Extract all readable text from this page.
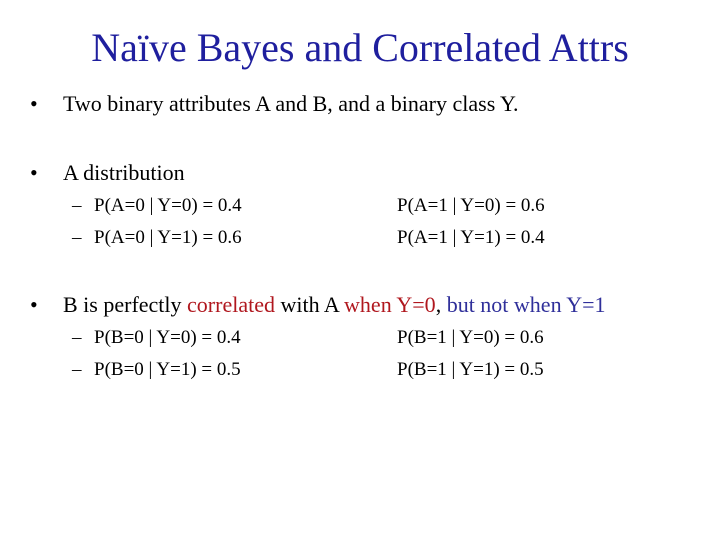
Naïve Bayes and Correlated Attrs
• Two binary attributes A and B, and a binary class Y.
• A distribution
– P(A=0 | Y=0) = 0.4
– P(A=0 | Y=1) = 0.6
P(A=1 | Y=0) = 0.6
P(A=1 | Y=1) = 0.4
• B is perfectly correlated with A when Y=0, but not when Y=1
– P(B=0 | Y=0) = 0.4
– P(B=0 | Y=1) = 0.5
P(B=1 | Y=0) = 0.6
P(B=1 | Y=1) = 0.5
